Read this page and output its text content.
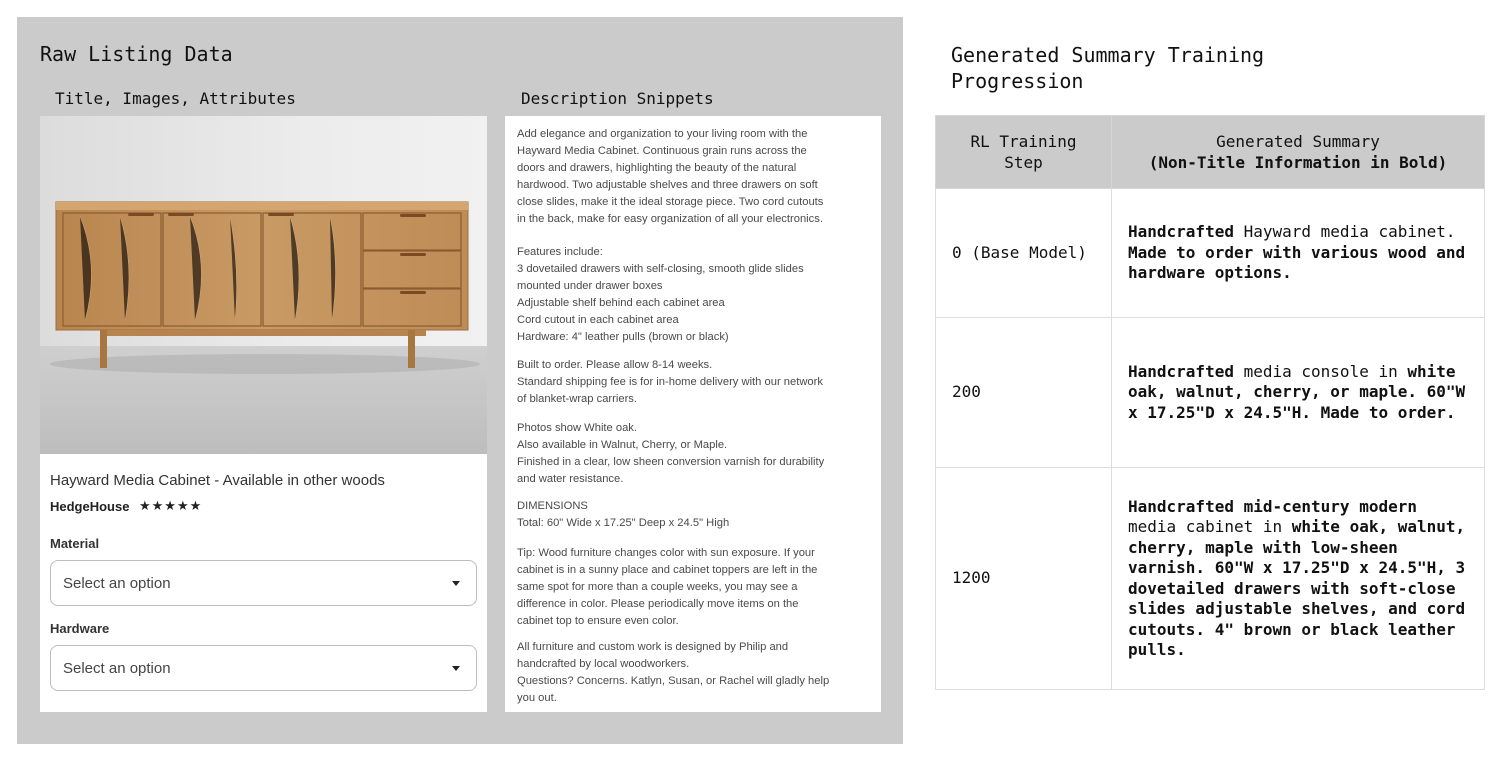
Raw Listing Data
Title, Images, Attributes	Description Snippets
Hayward Media Cabinet - Available in other woods
HedgeHouse ★★★★★
Material
Select an option
Hardware
Select an option

Add elegance and organization to your living room with the
Hayward Media Cabinet. Continuous grain runs across the
doors and drawers, highlighting the beauty of the natural
hardwood. Two adjustable shelves and three drawers on soft
close slides, make it the ideal storage piece. Two cord cutouts
in the back, make for easy organization of all your electronics.

Features include:
3 dovetailed drawers with self-closing, smooth glide slides
mounted under drawer boxes
Adjustable shelf behind each cabinet area
Cord cutout in each cabinet area
Hardware: 4" leather pulls (brown or black)

Built to order. Please allow 8-14 weeks.
Standard shipping fee is for in-home delivery with our network
of blanket-wrap carriers.

Photos show White oak.
Also available in Walnut, Cherry, or Maple.
Finished in a clear, low sheen conversion varnish for durability
and water resistance.

DIMENSIONS
Total: 60" Wide x 17.25" Deep x 24.5" High

Tip: Wood furniture changes color with sun exposure. If your
cabinet is in a sunny place and cabinet toppers are left in the
same spot for more than a couple weeks, you may see a
difference in color. Please periodically move items on the
cabinet top to ensure even color.

All furniture and custom work is designed by Philip and
handcrafted by local woodworkers.
Questions? Concerns. Katlyn, Susan, or Rachel will gladly help
you out.

Generated Summary Training
Progression
RL Training
Step	Generated Summary
(Non-Title Information in Bold)

0 (Base Model)	Handcrafted Hayward media cabinet. Made to order with various wood and hardware options.
200	Handcrafted media console in white oak, walnut, cherry, or maple. 60"W x 17.25"D x 24.5"H. Made to order.
1200	Handcrafted mid-century modern media cabinet in white oak, walnut, cherry, maple with low-sheen varnish. 60"W x 17.25"D x 24.5"H, 3 dovetailed drawers with soft-close slides adjustable shelves, and cord cutouts. 4" brown or black leather pulls.
